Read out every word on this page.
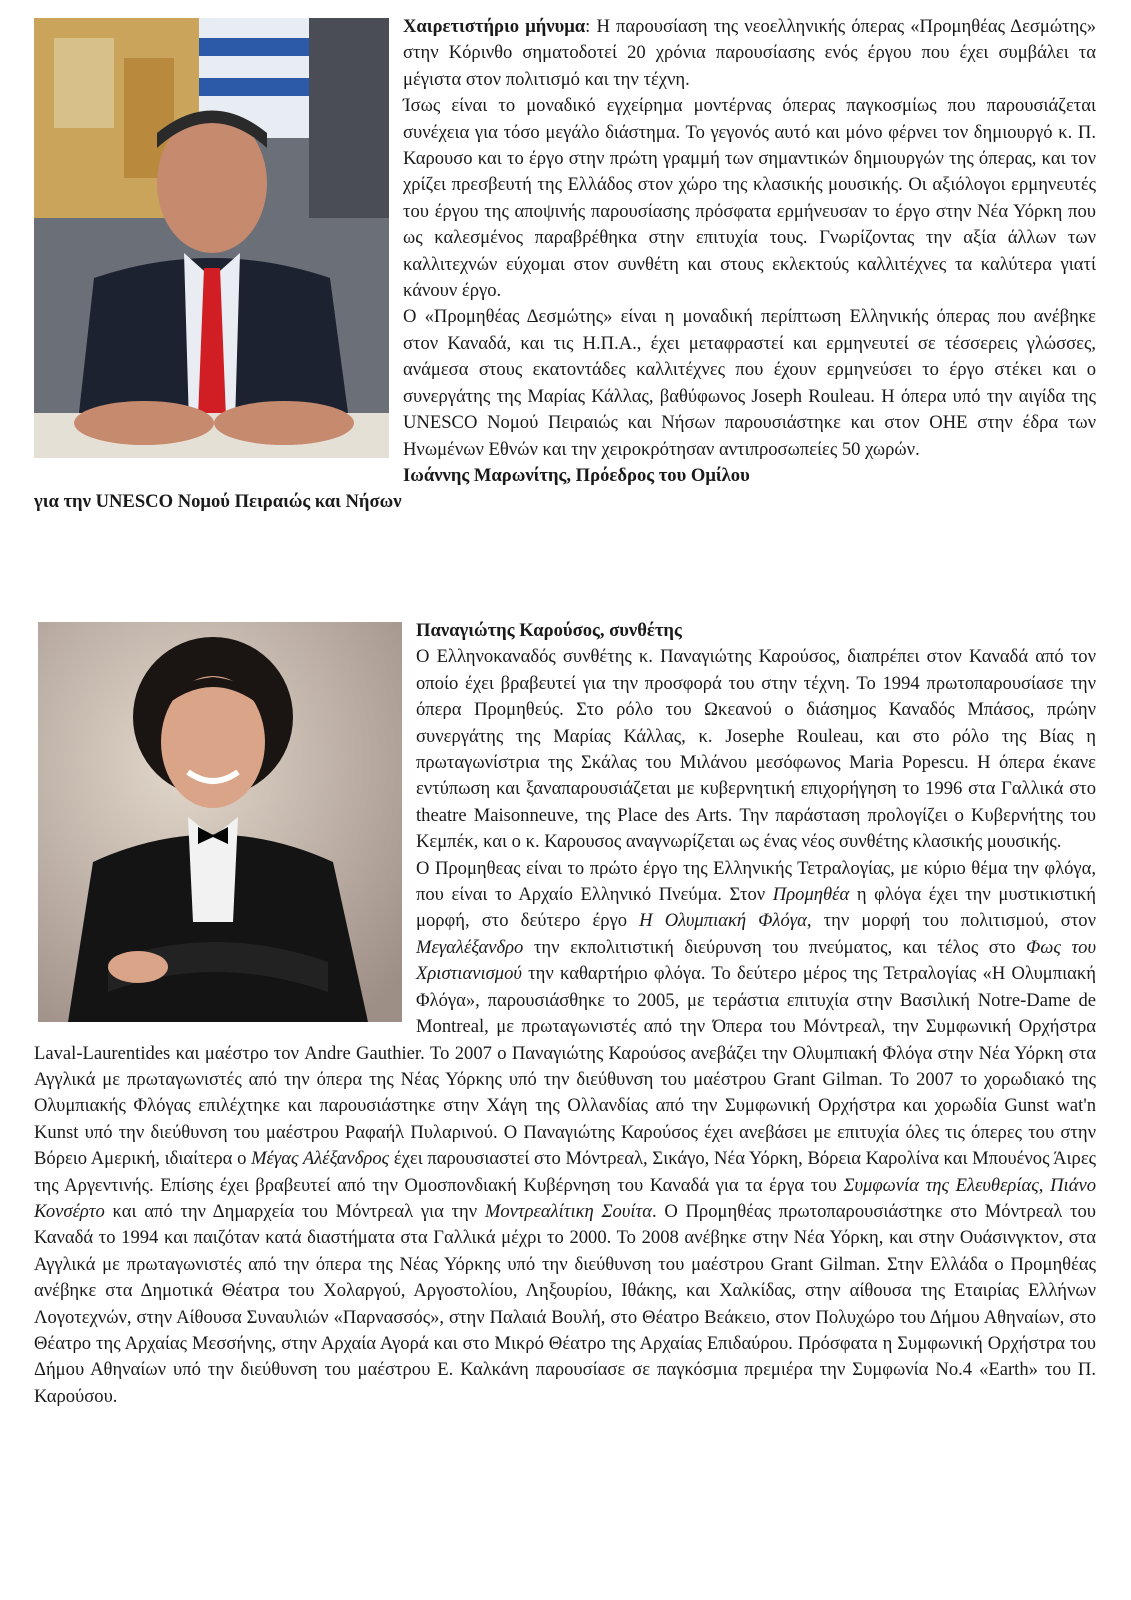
Χαιρετιστήριο μήνυμα: Η παρουσίαση της νεοελληνικής όπερας «Προμηθέας Δεσμώτης» στην Κόρινθο σηματοδοτεί 20 χρόνια παρουσίασης ενός έργου που έχει συμβάλει τα μέγιστα στον πολιτισμό και την τέχνη.

Ίσως είναι το μοναδικό εγχείρημα μοντέρνας όπερας παγκοσμίως που παρουσιάζεται συνέχεια για τόσο μεγάλο διάστημα. Το γεγονός αυτό και μόνο φέρνει τον δημιουργό κ. Π. Καρουσο και το έργο στην πρώτη γραμμή των σημαντικών δημιουργών της όπερας, και τον χρίζει πρεσβευτή της Ελλάδος στον χώρο της κλασικής μουσικής. Οι αξιόλογοι ερμηνευτές του έργου της αποψινής παρουσίασης πρόσφατα ερμήνευσαν το έργο στην Νέα Υόρκη που ως καλεσμένος παραβρέθηκα στην επιτυχία τους. Γνωρίζοντας την αξία άλλων των καλλιτεχνών εύχομαι στον συνθέτη και στους εκλεκτούς καλλιτέχνες τα καλύτερα γιατί κάνουν έργο.

Ο «Προμηθέας Δεσμώτης» είναι η μοναδική περίπτωση Ελληνικής όπερας που ανέβηκε στον Καναδά, και τις Η.Π.Α., έχει μεταφραστεί και ερμηνευτεί σε τέσσερεις γλώσσες, ανάμεσα στους εκατοντάδες καλλιτέχνες που έχουν ερμηνεύσει το έργο στέκει και ο συνεργάτης της Μαρίας Κάλλας, βαθύφωνος Joseph Rouleau. Η όπερα υπό την αιγίδα της UNESCO Νομού Πειραιώς και Νήσων παρουσιάστηκε και στον ΟΗΕ στην έδρα των Ηνωμένων Εθνών και την χειροκρότησαν αντιπροσωπείες 50 χωρών.

Ιωάννης Μαρωνίτης, Πρόεδρος του Ομίλου

για την UNESCO Νομού Πειραιώς και Νήσων

Παναγιώτης Καρούσος, συνθέτης

Ο Ελληνοκαναδός συνθέτης κ. Παναγιώτης Καρούσος, διαπρέπει στον Καναδά από τον οποίο έχει βραβευτεί για την προσφορά του στην τέχνη. Το 1994 πρωτοπαρουσίασε την όπερα Προμηθεύς. Στο ρόλο του Ωκεανού ο διάσημος Καναδός Μπάσος, πρώην συνεργάτης της Μαρίας Κάλλας, κ. Josephe Rouleau, και στο ρόλο της Βίας η πρωταγωνίστρια της Σκάλας του Μιλάνου μεσόφωνος Maria Popescu. Η όπερα έκανε εντύπωση και ξαναπαρουσιάζεται με κυβερνητική επιχορήγηση το 1996 στα Γαλλικά στο theatre Maisonneuve, της Place des Arts. Την παράσταση προλογίζει ο Κυβερνήτης του Κεμπέκ, και ο κ. Καρουσος αναγνωρίζεται ως ένας νέος συνθέτης κλασικής μουσικής.

Ο Προμηθεας είναι το πρώτο έργο της Ελληνικής Τετραλογίας, με κύριο θέμα την φλόγα, που είναι το Αρχαίο Ελληνικό Πνεύμα. Στον Προμηθέα η φλόγα έχει την μυστικιστική μορφή, στο δεύτερο έργο Η Ολυμπιακή Φλόγα, την μορφή του πολιτισμού, στον Μεγαλέξανδρο την εκπολιτιστική διεύρυνση του πνεύματος, και τέλος στο Φως του Χριστιανισμού την καθαρτήριο φλόγα. Το δεύτερο μέρος της Τετραλογίας «Η Ολυμπιακή Φλόγα», παρουσιάσθηκε το 2005, με τεράστια επιτυχία στην Βασιλική Notre-Dame de Montreal, με πρωταγωνιστές από την Όπερα του Μόντρεαλ, την Συμφωνική Ορχήστρα Laval-Laurentides και μαέστρο τον Andre Gauthier. Το 2007 ο Παναγιώτης Καρούσος ανεβάζει την Ολυμπιακή Φλόγα στην Νέα Υόρκη στα Αγγλικά με πρωταγωνιστές από την όπερα της Νέας Υόρκης υπό την διεύθυνση του μαέστρου Grant Gilman. Το 2007 το χορωδιακό της Ολυμπιακής Φλόγας επιλέχτηκε και παρουσιάστηκε στην Χάγη της Ολλανδίας από την Συμφωνική Ορχήστρα και χορωδία Gunst wat'n Kunst υπό την διεύθυνση του μαέστρου Ραφαήλ Πυλαρινού. Ο Παναγιώτης Καρούσος έχει ανεβάσει με επιτυχία όλες τις όπερες του στην Βόρειο Αμερική, ιδιαίτερα ο Μέγας Αλέξανδρος έχει παρουσιαστεί στο Μόντρεαλ, Σικάγο, Νέα Υόρκη, Βόρεια Καρολίνα και Μπουένος Άιρες της Αργεντινής. Επίσης έχει βραβευτεί από την Ομοσπονδιακή Κυβέρνηση του Καναδά για τα έργα του Συμφωνία της Ελευθερίας, Πιάνο Κονσέρτο και από την Δημαρχεία του Μόντρεαλ για την Μοντρεαλίτικη Σουίτα. Ο Προμηθέας πρωτοπαρουσιάστηκε στο Μόντρεαλ του Καναδά το 1994 και παιζόταν κατά διαστήματα στα Γαλλικά μέχρι το 2000. Το 2008 ανέβηκε στην Νέα Υόρκη, και στην Ουάσινγκτον, στα Αγγλικά με πρωταγωνιστές από την όπερα της Νέας Υόρκης υπό την διεύθυνση του μαέστρου Grant Gilman. Στην Ελλάδα ο Προμηθέας ανέβηκε στα Δημοτικά Θέατρα του Χολαργού, Αργοστολίου, Ληξουρίου, Ιθάκης, και Χαλκίδας, στην αίθουσα της Εταιρίας Ελλήνων Λογοτεχνών, στην Αίθουσα Συναυλιών «Παρνασσός», στην Παλαιά Βουλή, στο Θέατρο Βεάκειο, στον Πολυχώρο του Δήμου Αθηναίων, στο Θέατρο της Αρχαίας Μεσσήνης, στην Αρχαία Αγορά και στο Μικρό Θέατρο της Αρχαίας Επιδαύρου. Πρόσφατα η Συμφωνική Ορχήστρα του Δήμου Αθηναίων υπό την διεύθυνση του μαέστρου Ε. Καλκάνη παρουσίασε σε παγκόσμια πρεμιέρα την Συμφωνία No.4 «Earth» του Π. Καρούσου.
